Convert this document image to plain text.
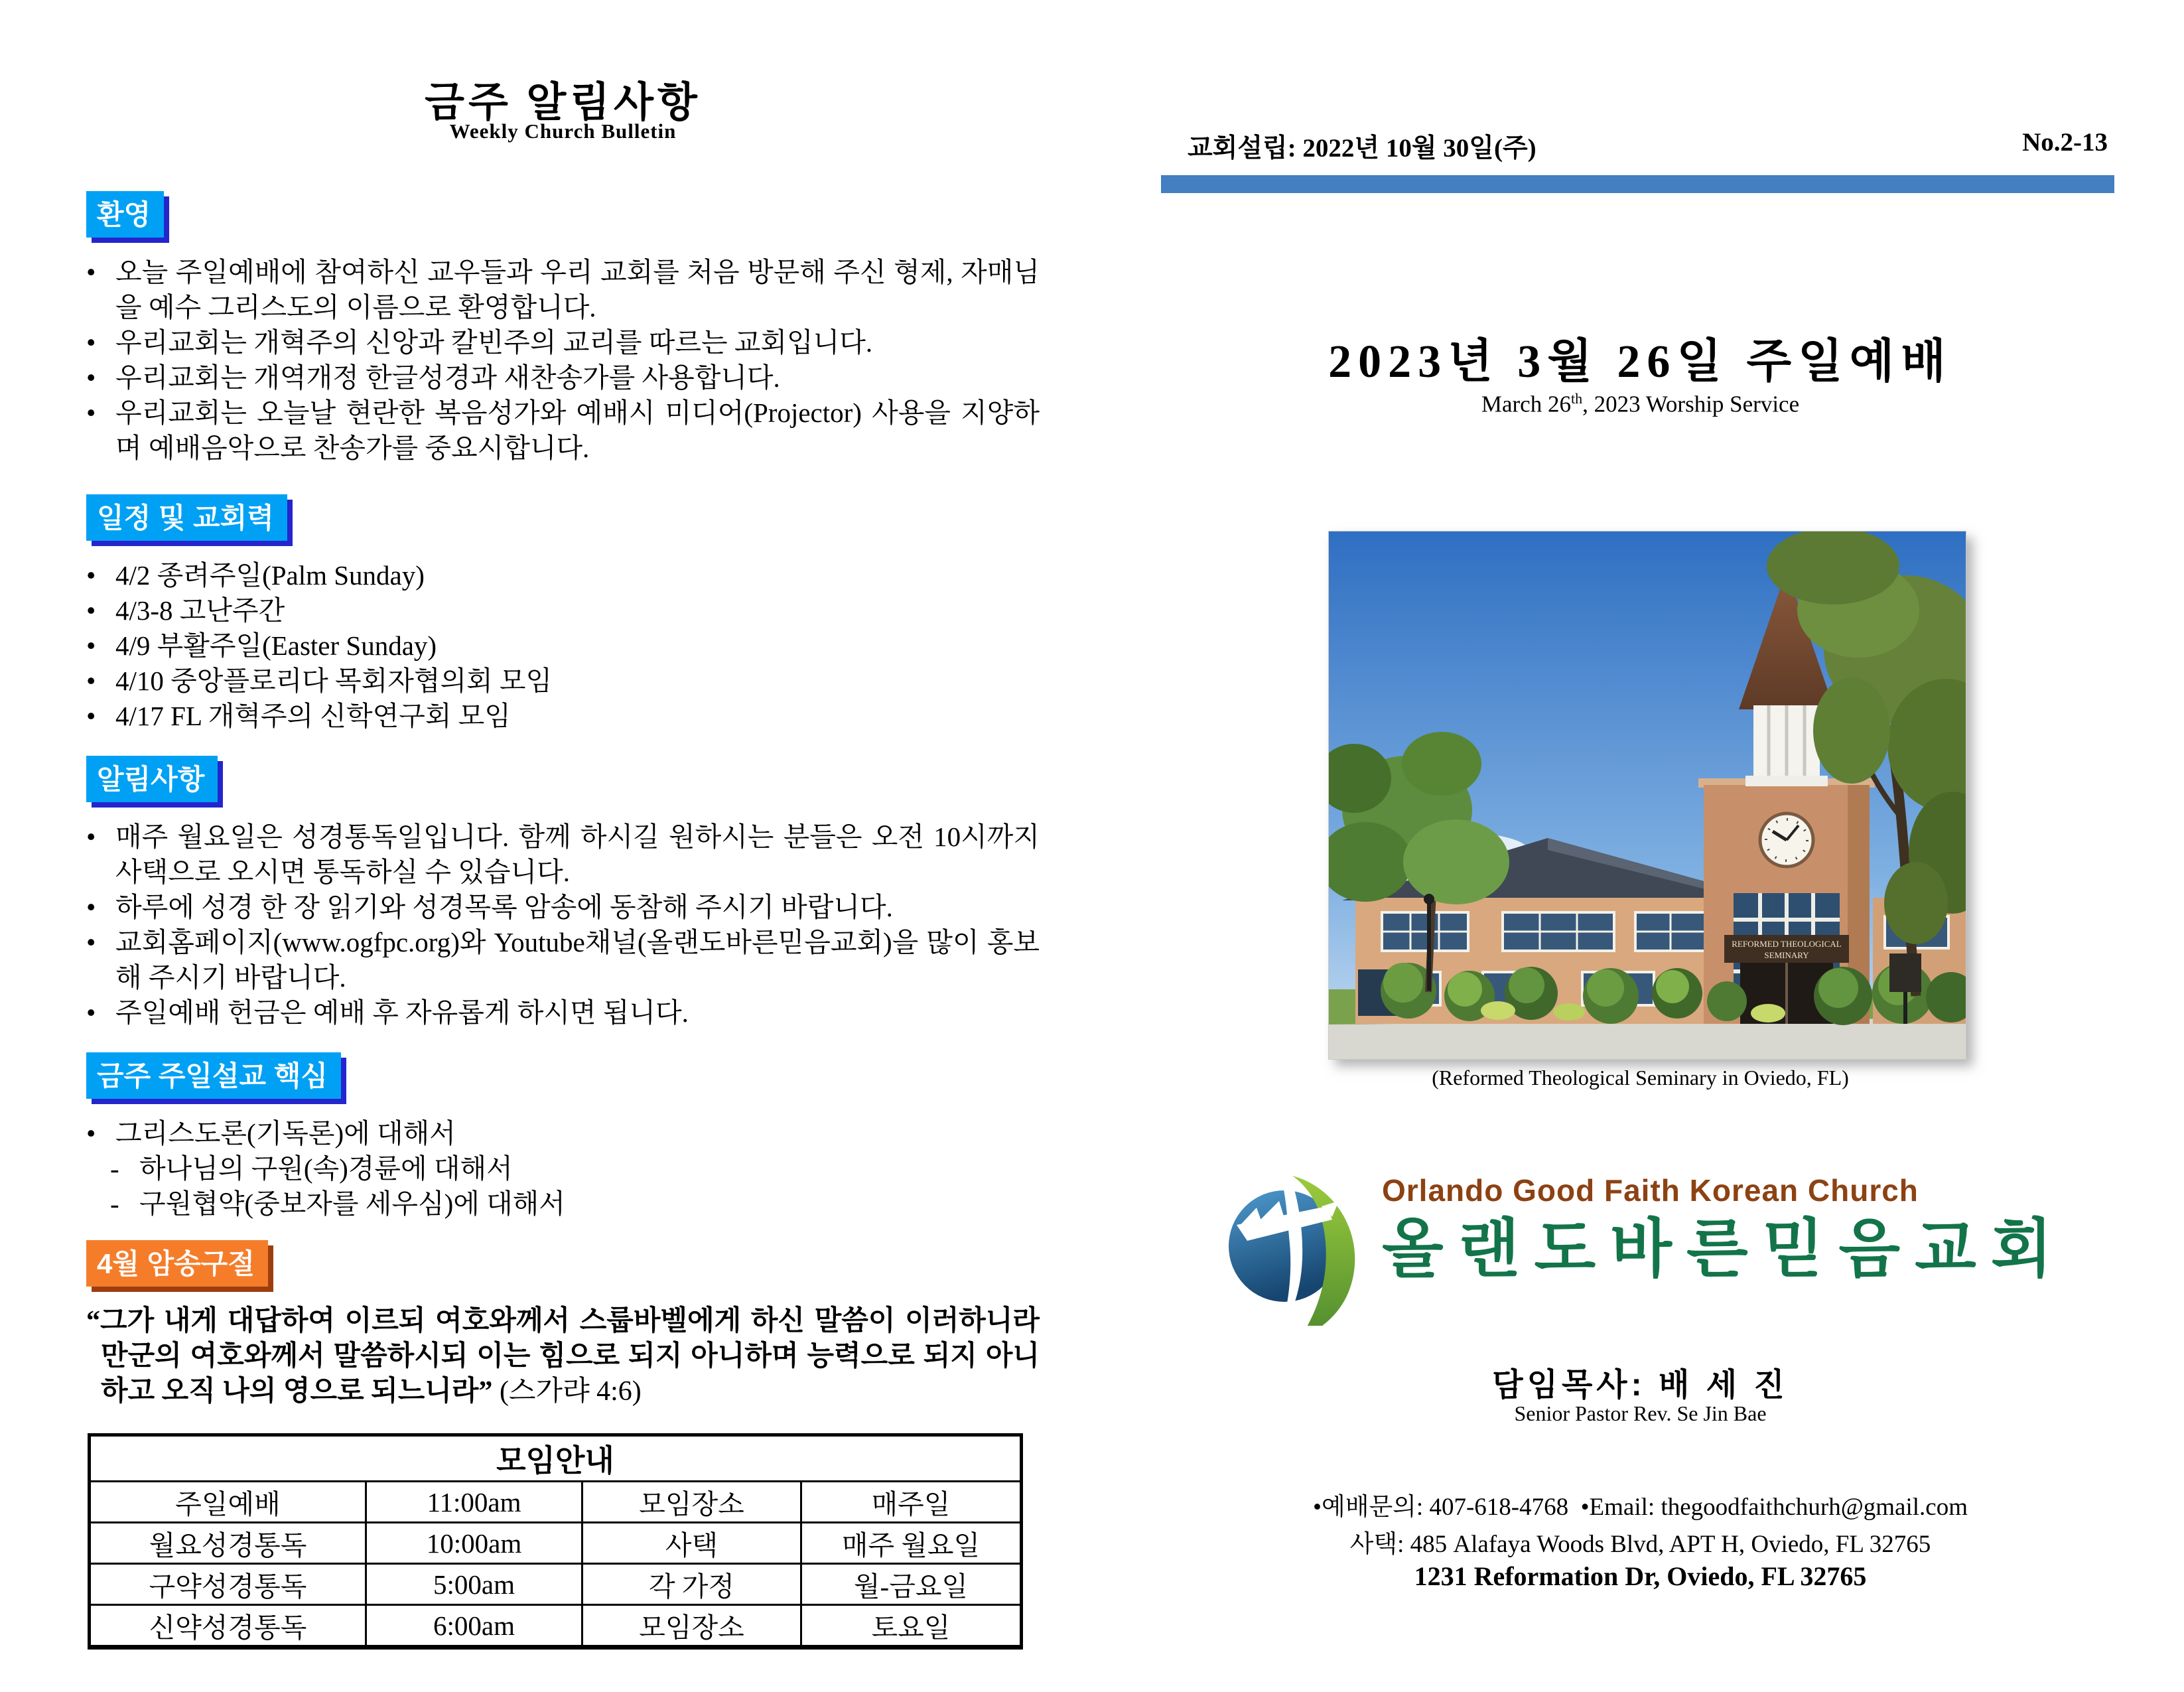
금주 알림사항
Weekly Church Bulletin
환영
• 오늘 주일예배에 참여하신 교우들과 우리 교회를 처음 방문해 주신 형제, 자매님을 예수 그리스도의 이름으로 환영합니다.
• 우리교회는 개혁주의 신앙과 칼빈주의 교리를 따르는 교회입니다.
• 우리교회는 개역개정 한글성경과 새찬송가를 사용합니다.
• 우리교회는 오늘날 현란한 복음성가와 예배시 미디어(Projector) 사용을 지양하며 예배음악으로 찬송가를 중요시합니다.
일정 및 교회력
• 4/2 종려주일(Palm Sunday)
• 4/3-8 고난주간
• 4/9 부활주일(Easter Sunday)
• 4/10 중앙플로리다 목회자협의회 모임
• 4/17 FL 개혁주의 신학연구회 모임
알림사항
• 매주 월요일은 성경통독일입니다. 함께 하시길 원하시는 분들은 오전 10시까지 사택으로 오시면 통독하실 수 있습니다.
• 하루에 성경 한 장 읽기와 성경목록 암송에 동참해 주시기 바랍니다.
• 교회홈페이지(www.ogfpc.org)와 Youtube채널(올랜도바른믿음교회)을 많이 홍보해 주시기 바랍니다.
• 주일예배 헌금은 예배 후 자유롭게 하시면 됩니다.
금주 주일설교 핵심
• 그리스도론(기독론)에 대해서
- 하나님의 구원(속)경륜에 대해서
- 구원협약(중보자를 세우심)에 대해서
4월 암송구절

“그가 내게 대답하여 이르되 여호와께서 스룹바벨에게 하신 말씀이 이러하니라 만군의 여호와께서 말씀하시되 이는 힘으로 되지 아니하며 능력으로 되지 아니하고 오직 나의 영으로 되느니라” (스가랴 4:6)

모임안내			
주일예배	11:00am	모임장소	매주일
월요성경통독	10:00am	사택	매주 월요일
구약성경통독	5:00am	각 가정	월-금요일
신약성경통독	6:00am	모임장소	토요일
교회설립: 2022년 10월 30일(주)	No.2-13
2023년 3월 26일 주일예배
March 26th, 2023 Worship Service
REFORMED THEOLOGICAL
SEMINARY
(Reformed Theological Seminary in Oviedo, FL)
Orlando Good Faith Korean Church
올랜도바른믿음교회
담임목사: 배 세 진
Senior Pastor Rev. Se Jin Bae
•예배문의: 407-618-4768  •Email: thegoodfaithchurh@gmail.com
사택: 485 Alafaya Woods Blvd, APT H, Oviedo, FL 32765
1231 Reformation Dr, Oviedo, FL 32765
